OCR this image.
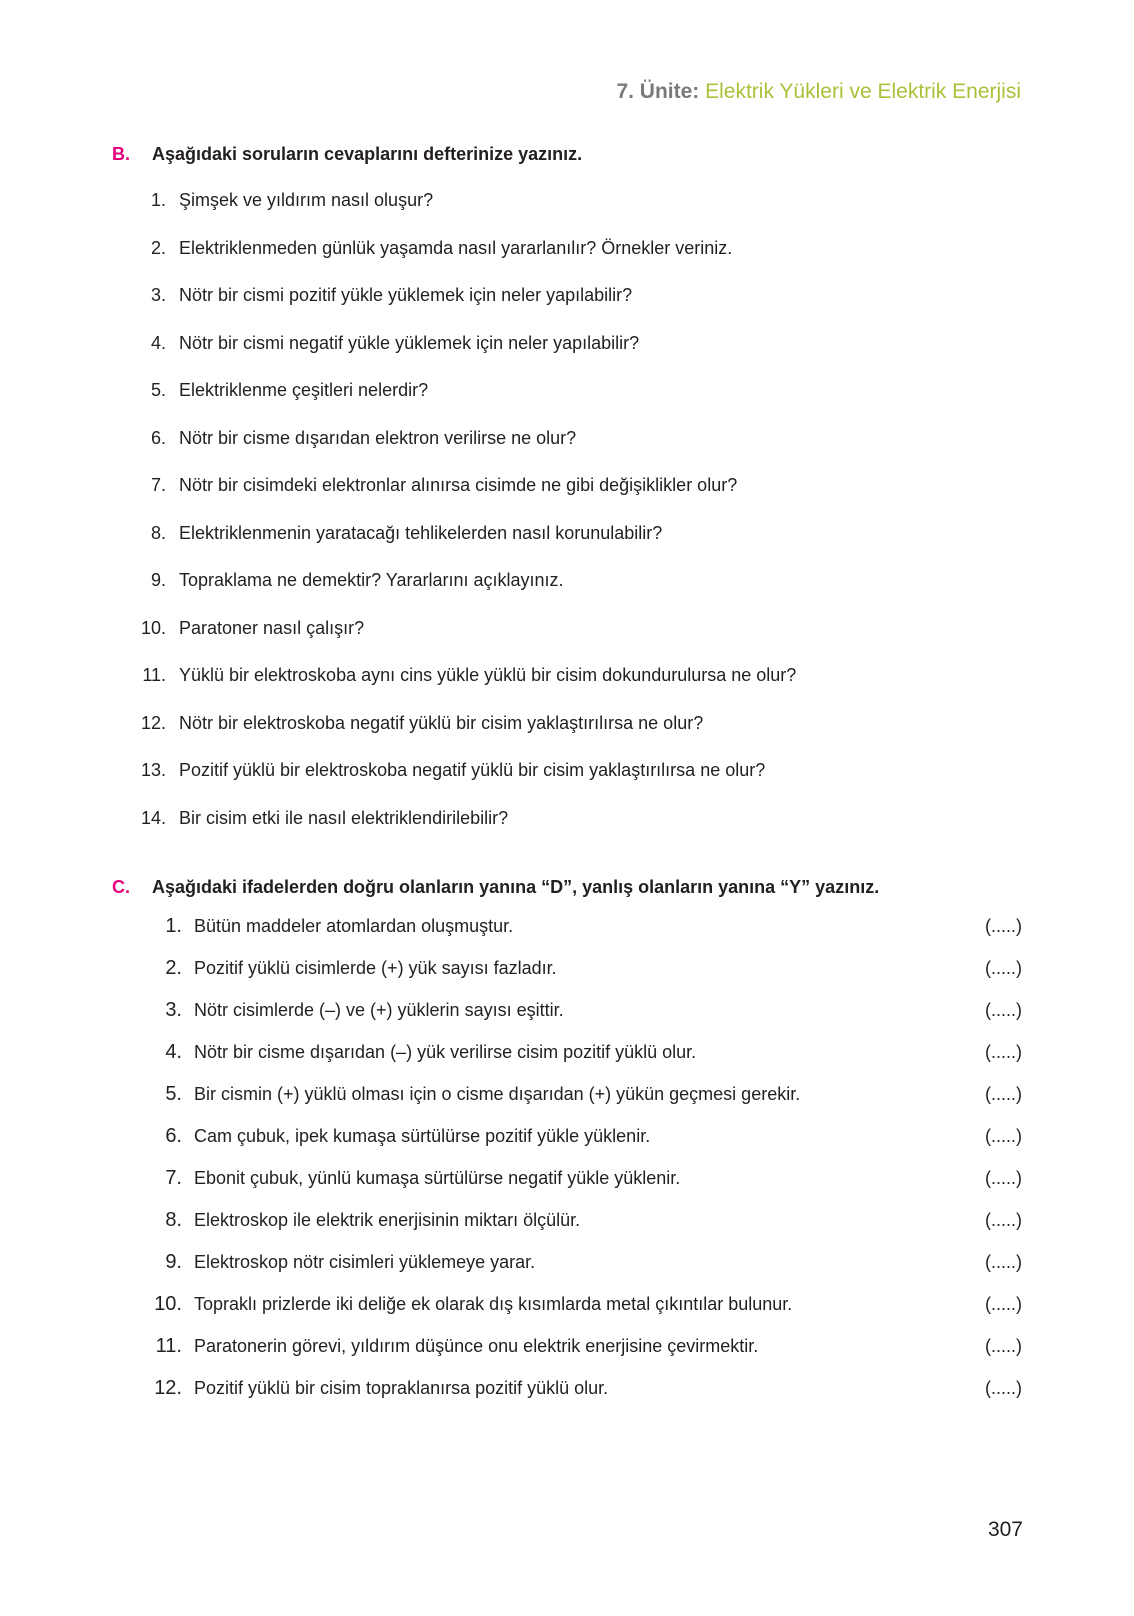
7. Ünite: Elektrik Yükleri ve Elektrik Enerjisi
B.	Aşağıdaki soruların cevaplarını defterinize yazınız.
1. Şimşek ve yıldırım nasıl oluşur?
2. Elektriklenmeden günlük yaşamda nasıl yararlanılır? Örnekler veriniz.
3. Nötr bir cismi pozitif yükle yüklemek için neler yapılabilir?
4. Nötr bir cismi negatif yükle yüklemek için neler yapılabilir?
5. Elektriklenme çeşitleri nelerdir?
6. Nötr bir cisme dışarıdan elektron verilirse ne olur?
7. Nötr bir cisimdeki elektronlar alınırsa cisimde ne gibi değişiklikler olur?
8. Elektriklenmenin yaratacağı tehlikelerden nasıl korunulabilir?
9. Topraklama ne demektir? Yararlarını açıklayınız.
10. Paratoner nasıl çalışır?
11. Yüklü bir elektroskoba aynı cins yükle yüklü bir cisim dokundurulursa ne olur?
12. Nötr bir elektroskoba negatif yüklü bir cisim yaklaştırılırsa ne olur?
13. Pozitif yüklü bir elektroskoba negatif yüklü bir cisim yaklaştırılırsa ne olur?
14. Bir cisim etki ile nasıl elektriklendirilebilir?
C.	Aşağıdaki ifadelerden doğru olanların yanına “D”, yanlış olanların yanına “Y” yazınız.
1. Bütün maddeler atomlardan oluşmuştur.	(.....)
2. Pozitif yüklü cisimlerde (+) yük sayısı fazladır.	(.....)
3. Nötr cisimlerde (–) ve (+) yüklerin sayısı eşittir.	(.....)
4. Nötr bir cisme dışarıdan (–) yük verilirse cisim pozitif yüklü olur.	(.....)
5. Bir cismin (+) yüklü olması için o cisme dışarıdan (+) yükün geçmesi gerekir.	(.....)
6. Cam çubuk, ipek kumaşa sürtülürse pozitif yükle yüklenir.	(.....)
7. Ebonit çubuk, yünlü kumaşa sürtülürse negatif yükle yüklenir.	(.....)
8. Elektroskop ile elektrik enerjisinin miktarı ölçülür.	(.....)
9. Elektroskop nötr cisimleri yüklemeye yarar.	(.....)
10. Topraklı prizlerde iki deliğe ek olarak dış kısımlarda metal çıkıntılar bulunur.	(.....)
11. Paratonerin görevi, yıldırım düşünce onu elektrik enerjisine çevirmektir.	(.....)
12. Pozitif yüklü bir cisim topraklanırsa pozitif yüklü olur.	(.....)
307
